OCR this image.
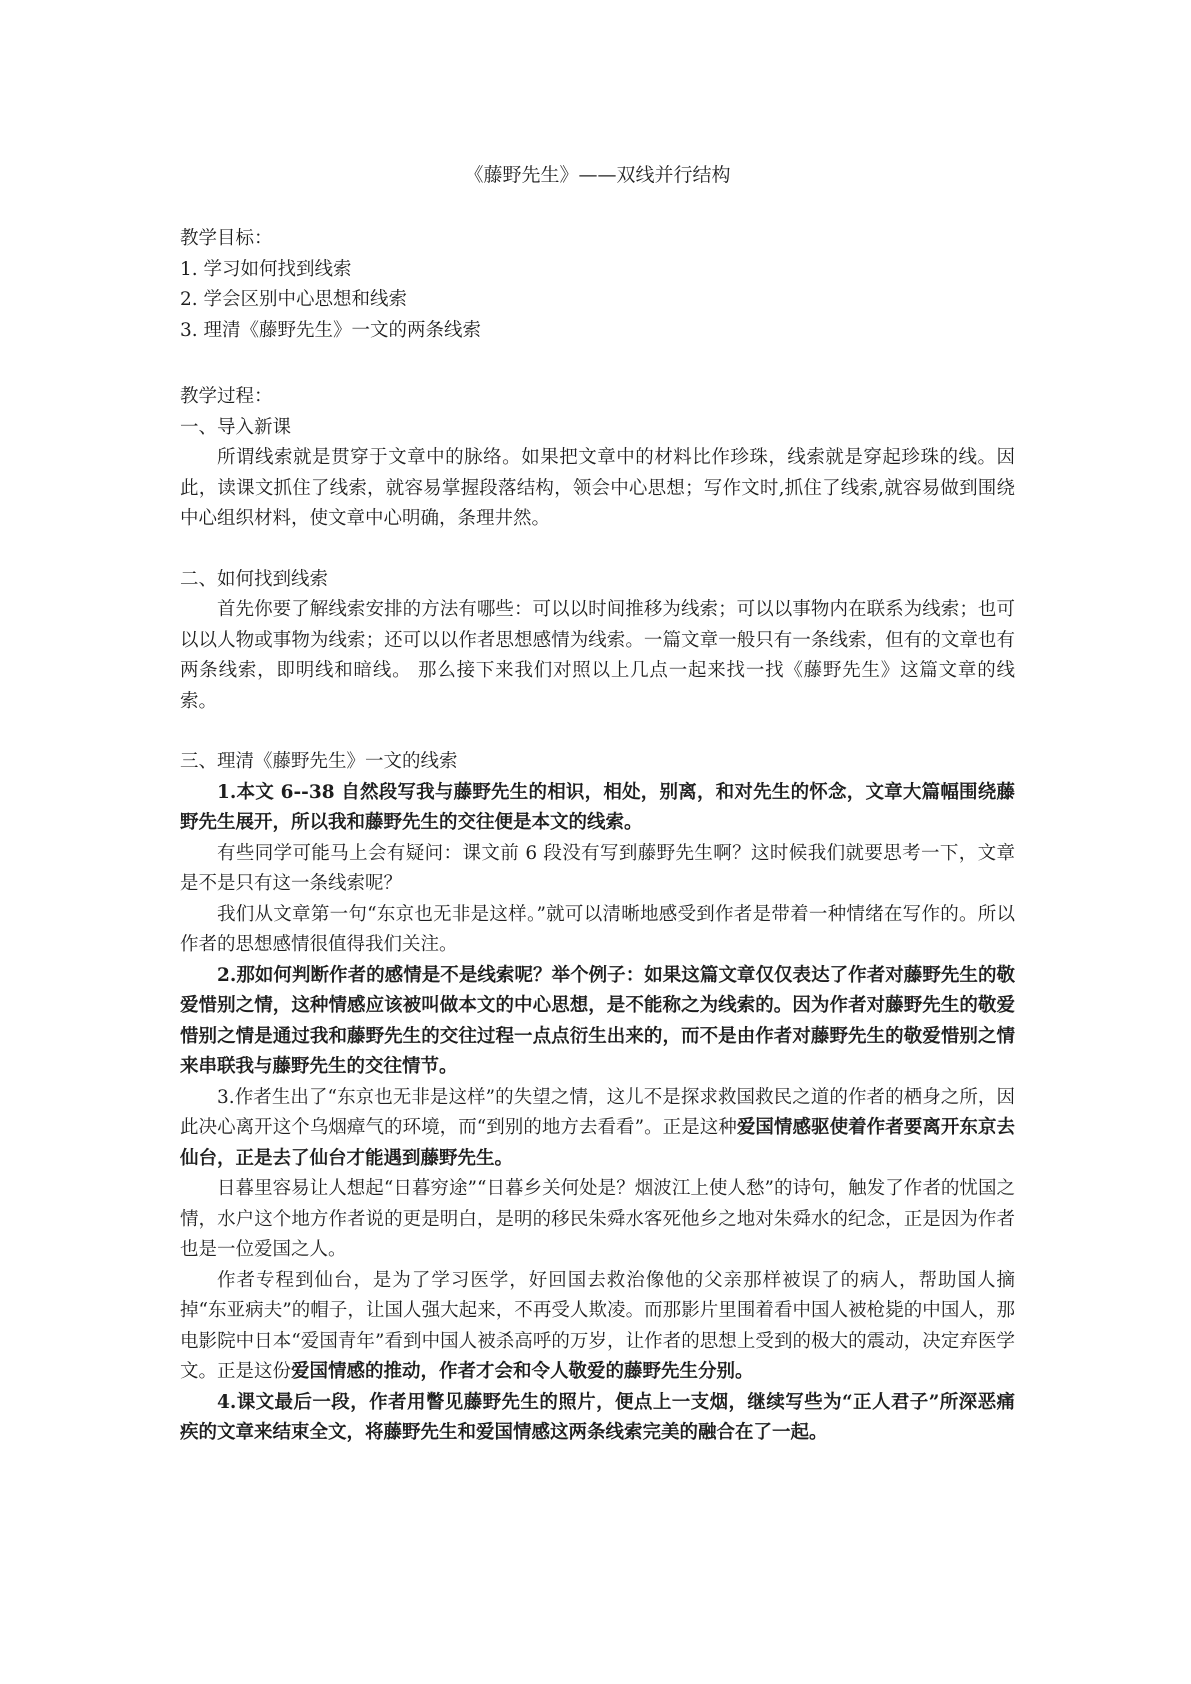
《藤野先生》——双线并行结构

教学目标：

1. 学习如何找到线索

2. 学会区别中心思想和线索

3. 理清《藤野先生》一文的两条线索

教学过程：

一、导入新课

所谓线索就是贯穿于文章中的脉络。如果把文章中的材料比作珍珠，线索就是穿起珍珠的线。因此，读课文抓住了线索，就容易掌握段落结构，领会中心思想；写作文时,抓住了线索,就容易做到围绕中心组织材料，使文章中心明确，条理井然。

二、如何找到线索

首先你要了解线索安排的方法有哪些：可以以时间推移为线索；可以以事物内在联系为线索；也可以以人物或事物为线索；还可以以作者思想感情为线索。一篇文章一般只有一条线索，但有的文章也有两条线索，即明线和暗线。 那么接下来我们对照以上几点一起来找一找《藤野先生》这篇文章的线索。

三、理清《藤野先生》一文的线索

1.本文 6--38 自然段写我与藤野先生的相识，相处，别离，和对先生的怀念，文章大篇幅围绕藤野先生展开，所以我和藤野先生的交往便是本文的线索。

有些同学可能马上会有疑问：课文前 6 段没有写到藤野先生啊？这时候我们就要思考一下，文章是不是只有这一条线索呢？

我们从文章第一句“东京也无非是这样。”就可以清晰地感受到作者是带着一种情绪在写作的。所以作者的思想感情很值得我们关注。

2.那如何判断作者的感情是不是线索呢？举个例子：如果这篇文章仅仅表达了作者对藤野先生的敬爱惜别之情，这种情感应该被叫做本文的中心思想，是不能称之为线索的。因为作者对藤野先生的敬爱惜别之情是通过我和藤野先生的交往过程一点点衍生出来的，而不是由作者对藤野先生的敬爱惜别之情来串联我与藤野先生的交往情节。

3.作者生出了“东京也无非是这样”的失望之情，这儿不是探求救国救民之道的作者的栖身之所，因此决心离开这个乌烟瘴气的环境，而“到别的地方去看看”。正是这种爱国情感驱使着作者要离开东京去仙台，正是去了仙台才能遇到藤野先生。

日暮里容易让人想起“日暮穷途”“日暮乡关何处是？烟波江上使人愁”的诗句，触发了作者的忧国之情，水户这个地方作者说的更是明白，是明的移民朱舜水客死他乡之地对朱舜水的纪念，正是因为作者也是一位爱国之人。

作者专程到仙台，是为了学习医学，好回国去救治像他的父亲那样被误了的病人，帮助国人摘掉“东亚病夫”的帽子，让国人强大起来，不再受人欺凌。而那影片里围着看中国人被枪毙的中国人，那电影院中日本“爱国青年”看到中国人被杀高呼的万岁，让作者的思想上受到的极大的震动，决定弃医学文。正是这份爱国情感的推动，作者才会和令人敬爱的藤野先生分别。

4.课文最后一段，作者用瞥见藤野先生的照片，便点上一支烟，继续写些为“正人君子”所深恶痛疾的文章来结束全文，将藤野先生和爱国情感这两条线索完美的融合在了一起。
